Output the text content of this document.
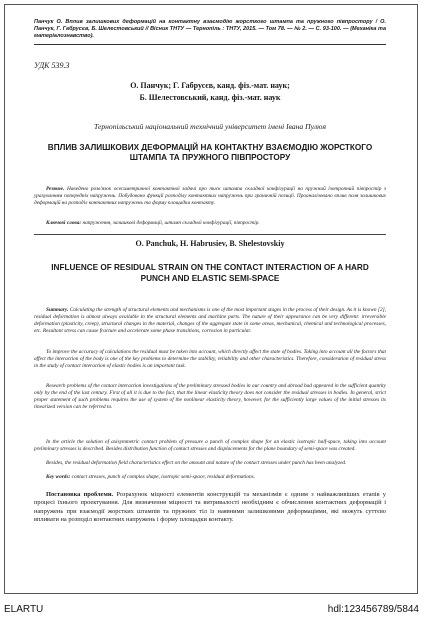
Панчук О. Вплив залишкових деформацій на контактну взаємодію жорсткого штампа та пружного півпростору / О. Панчук, Г. Габрусєв, Б. Шелестовський // Вісник ТНТУ — Тернопіль : ТНТУ, 2015. — Том 78. — № 2. — С. 93-100. — (Механіка та матеріалознавство).
УДК 539.3
О. Панчук; Г. Габрусєв, канд. фіз.-мат. наук;
Б. Шелестовський, канд. фіз.-мат. наук
Тернопільський національний технічний університет імені Івана Пулюя
ВПЛИВ ЗАЛИШКОВИХ ДЕФОРМАЦІЙ НА КОНТАКТНУ ВЗАЄМОДІЮ ЖОРСТКОГО ШТАМПА ТА ПРУЖНОГО ПІВПРОСТОРУ
Резюме. Наведено розв'язок осесиметричної контактної задачі про тиск штампа складної конфігурації на пружний ізотропний півпростір з урахуванням попередніх напружень. Побудовано функції розподілу контактних напружень при граничній позиції. Проаналізовано вплив поля залишкових деформацій на розподіл контактних напружень та форму площадки контакту.
Ключові слова: напруження, залишкові деформації, штамп складної конфігурації, півпростір.
O. Panchuk, H. Habrusiev, B. Shelestovskiy
INFLUENCE OF RESIDUAL STRAIN ON THE CONTACT INTERACTION OF A HARD PUNCH AND ELASTIC SEMI-SPACE

Summary. Calculating the strength of structural elements and mechanisms is one of the most important stages in the process of their design. As it is known [2], residual deformation is almost always available in the structural elements and machine parts. The nature of their appearance can be very different: irreversible deformation (plasticity, creep), structural changes in the material, changes of the aggregate state in some areas, mechanical, chemical and technological processes, etc. Resultant stress can cause fracture and accelerate some phase transitions, corrosion in particular.

To improve the accuracy of calculations the residual must be taken into account, which directly affect the state of bodies. Taking into account all the factors that affect the interaction of the body is one of the key problems to determine the stability, reliability and other characteristics. Therefore, consideration of residual stress in the study of contact interaction of elastic bodies is an important task.

Research problems of the contact interaction investigations of the preliminary stressed bodies in our country and abroad had appeared in the sufficient quantity only by the end of the last century. First of all it is due to the fact, that the linear elasticity theory does not consider the residual stresses in bodies. In general, strict proper statement of such problems requires the use of system of the nonlinear elasticity theory, however, for the sufficiently large values of the initial stresses its linearized version can be referred to.

In the article the solution of axisymmetric contact problem of pressure a punch of complex shape for an elastic isotropic half-space, taking into account preliminary stresses is described. Besides distribution function of contact stresses and displacements for the plane boundary of semi-space was created.

Besides, the residual deformation field characteristics effect on the amount and nature of the contact stresses under punch has been analyzed.

Key words: contact stresses, punch of complex shape, isotropic semi-space, residual deformations.
Постановка проблеми. Розрахунок міцності елементів конструкцій та механізмів є одним з найважливіших етапів у процесі їхнього проектування. Для визначення міцності та витривалості необхідним є обчислення контактних деформацій і напружень при взаємодії жорстких штампів та пружних тіл із наявними залишковими деформаціями, які можуть суттєво впливати на розподіл контактних напружень і форму площадки контакту.
ELARTU	hdl:123456789/5844
